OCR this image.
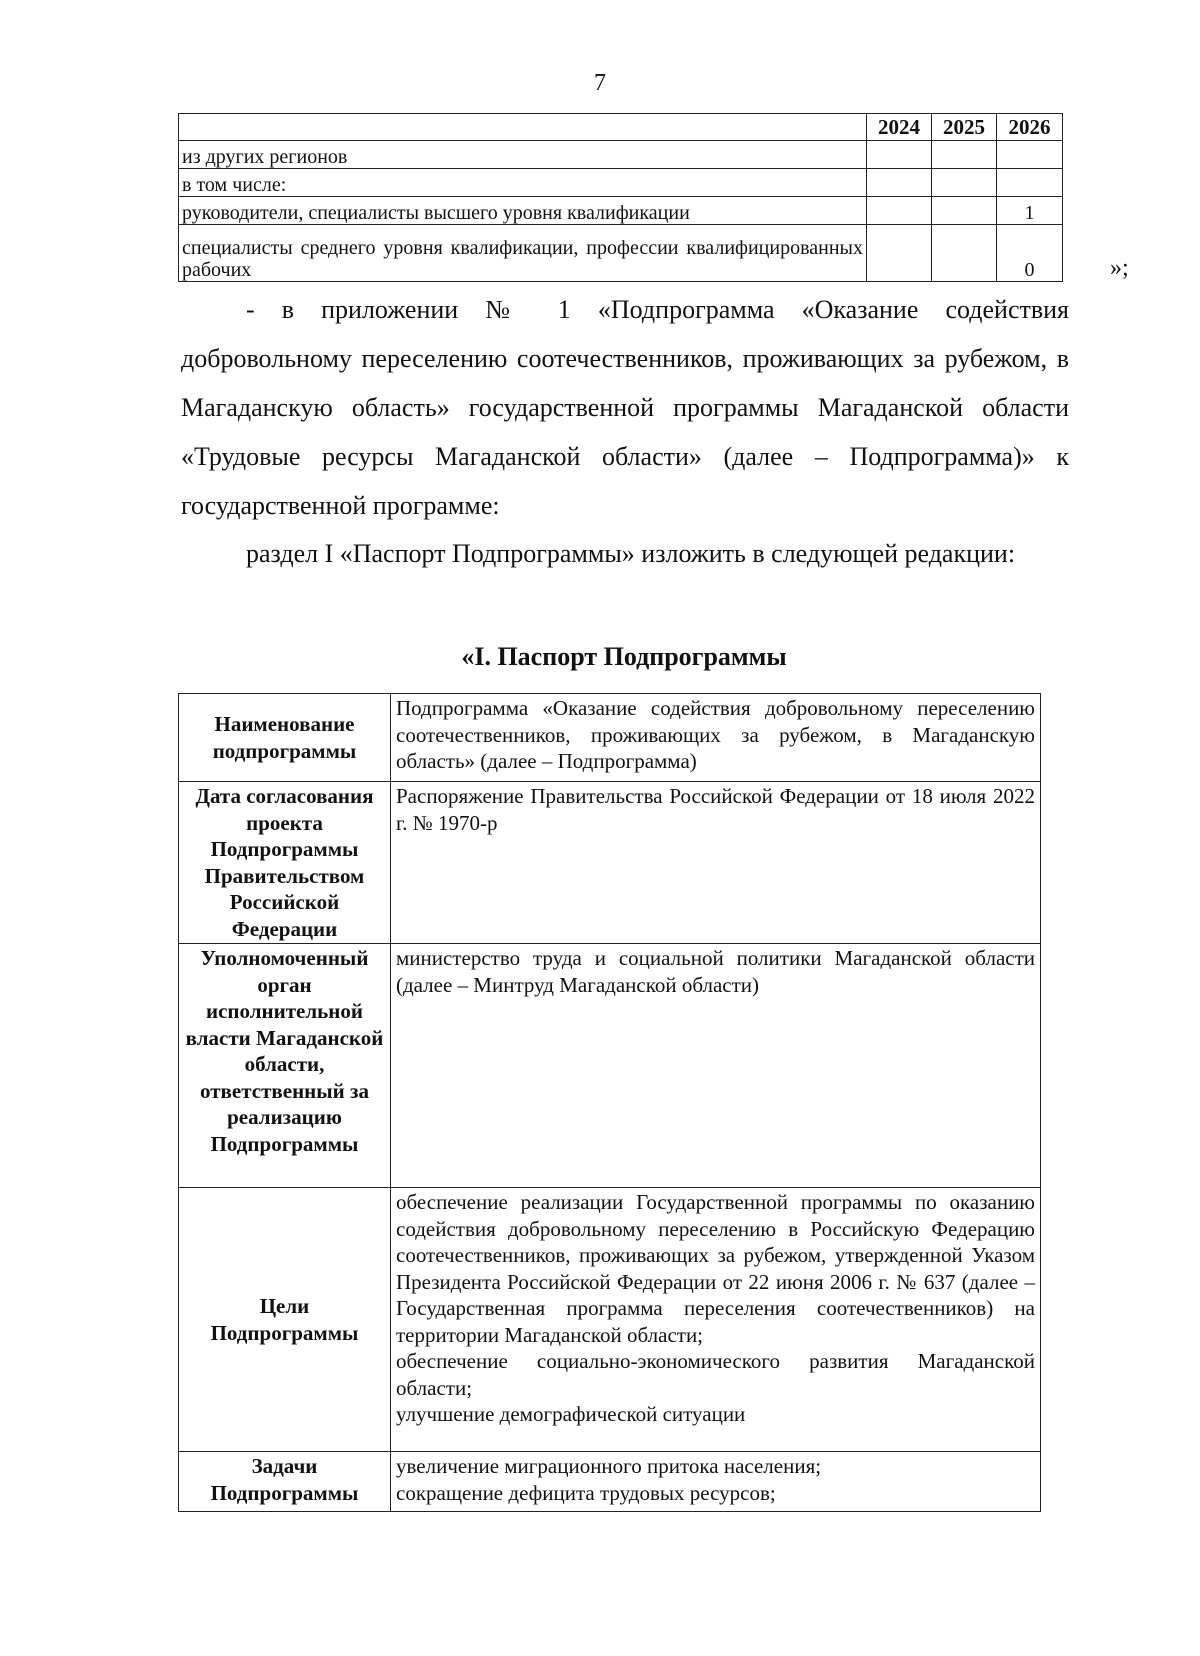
7
	2024	2025	2026
из других регионов			
в том числе:			
руководители, специалисты высшего уровня квалификации			1
специалисты среднего уровня квалификации, профессии квалифицированных рабочих			0	»;
- в приложении № 1 «Подпрограмма «Оказание содействия добровольному переселению соотечественников, проживающих за рубежом, в Магаданскую область» государственной программы Магаданской области «Трудовые ресурсы Магаданской области» (далее – Подпрограмма)» к государственной программе:
раздел I «Паспорт Подпрограммы» изложить в следующей редакции:
«I. Паспорт Подпрограммы
Наименование подпрограммы	Подпрограмма «Оказание содействия добровольному переселению соотечественников, проживающих за рубежом, в Магаданскую область» (далее – Подпрограмма)
Дата согласования проекта Подпрограммы Правительством Российской Федерации	Распоряжение Правительства Российской Федерации от 18 июля 2022 г. № 1970-р
Уполномоченный орган исполнительной власти Магаданской области, ответственный за реализацию Подпрограммы	министерство труда и социальной политики Магаданской области (далее – Минтруд Магаданской области)
Цели Подпрограммы	обеспечение реализации Государственной программы по оказанию содействия добровольному переселению в Российскую Федерацию соотечественников, проживающих за рубежом, утвержденной Указом Президента Российской Федерации от 22 июня 2006 г. № 637 (далее – Государственная программа переселения соотечественников) на территории Магаданской области;
обеспечение социально-экономического развития Магаданской области;
улучшение демографической ситуации

Задачи Подпрограммы	увеличение миграционного притока населения;
сокращение дефицита трудовых ресурсов;
